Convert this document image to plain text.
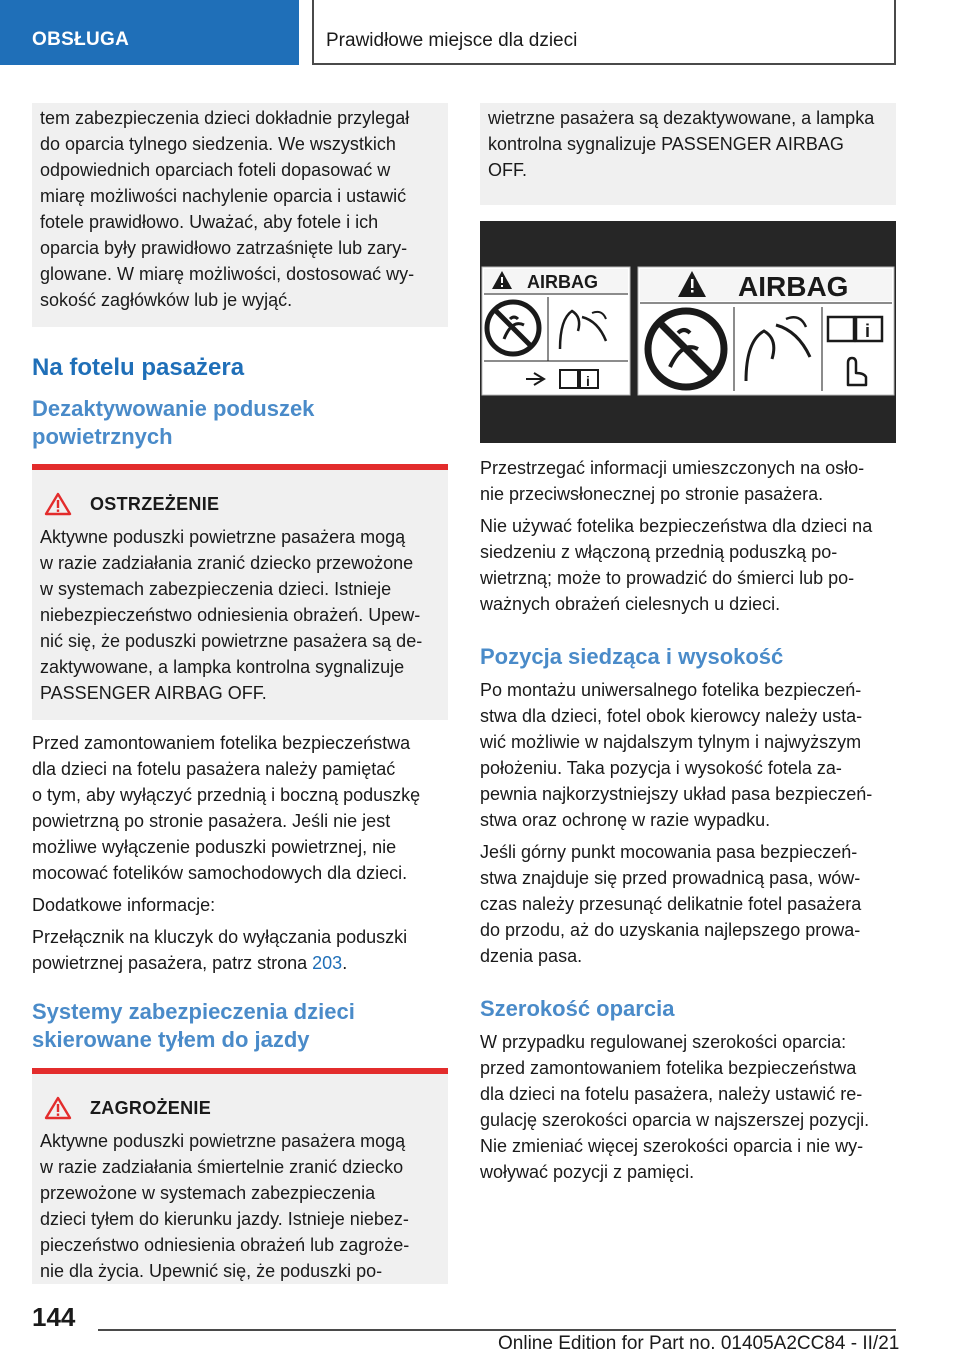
OBSŁUGA	Prawidłowe miejsce dla dzieci

tem zabezpieczenia dzieci dokładnie przylegał

do oparcia tylnego siedzenia. We wszystkich

odpowiednich oparciach foteli dopasować w

miarę możliwości nachylenie oparcia i ustawić

fotele prawidłowo. Uważać, aby fotele i ich

oparcia były prawidłowo zatrzaśnięte lub zary-

glowane. W miarę możliwości, dostosować wy-

sokość zagłówków lub je wyjąć.

Na fotelu pasażera
Dezaktywowanie poduszek
powietrznych
OSTRZEŻENIE

Aktywne poduszki powietrzne pasażera mogą

w razie zadziałania zranić dziecko przewożone

w systemach zabezpieczenia dzieci. Istnieje

niebezpieczeństwo odniesienia obrażeń. Upew-

nić się, że poduszki powietrzne pasażera są de-

zaktywowane, a lampka kontrolna sygnalizuje

PASSENGER AIRBAG OFF.

Przed zamontowaniem fotelika bezpieczeństwa

dla dzieci na fotelu pasażera należy pamiętać

o tym, aby wyłączyć przednią i boczną poduszkę

powietrzną po stronie pasażera. Jeśli nie jest

możliwe wyłączenie poduszki powietrznej, nie

mocować fotelików samochodowych dla dzieci.

Dodatkowe informacje:

Przełącznik na kluczyk do wyłączania poduszki

powietrznej pasażera, patrz strona 203.

Systemy zabezpieczenia dzieci
skierowane tyłem do jazdy
ZAGROŻENIE

Aktywne poduszki powietrzne pasażera mogą

w razie zadziałania śmiertelnie zranić dziecko

przewożone w systemach zabezpieczenia

dzieci tyłem do kierunku jazdy. Istnieje niebez-

pieczeństwo odniesienia obrażeń lub zagroże-

nie dla życia. Upewnić się, że poduszki po-

wietrzne pasażera są dezaktywowane, a lampka

kontrolna sygnalizuje PASSENGER AIRBAG

OFF.

AIRBAG
i
AIRBAG
i

Przestrzegać informacji umieszczonych na osło-

nie przeciwsłonecznej po stronie pasażera.

Nie używać fotelika bezpieczeństwa dla dzieci na

siedzeniu z włączoną przednią poduszką po-

wietrzną; może to prowadzić do śmierci lub po-

ważnych obrażeń cielesnych u dzieci.

Pozycja siedząca i wysokość

Po montażu uniwersalnego fotelika bezpieczeń-

stwa dla dzieci, fotel obok kierowcy należy usta-

wić możliwie w najdalszym tylnym i najwyższym

położeniu. Taka pozycja i wysokość fotela za-

pewnia najkorzystniejszy układ pasa bezpieczeń-

stwa oraz ochronę w razie wypadku.

Jeśli górny punkt mocowania pasa bezpieczeń-

stwa znajduje się przed prowadnicą pasa, wów-

czas należy przesunąć delikatnie fotel pasażera

do przodu, aż do uzyskania najlepszego prowa-

dzenia pasa.

Szerokość oparcia

W przypadku regulowanej szerokości oparcia:

przed zamontowaniem fotelika bezpieczeństwa

dla dzieci na fotelu pasażera, należy ustawić re-

gulację szerokości oparcia w najszerszej pozycji.

Nie zmieniać więcej szerokości oparcia i nie wy-

woływać pozycji z pamięci.

144
Online Edition for Part no. 01405A2CC84 - II/21
